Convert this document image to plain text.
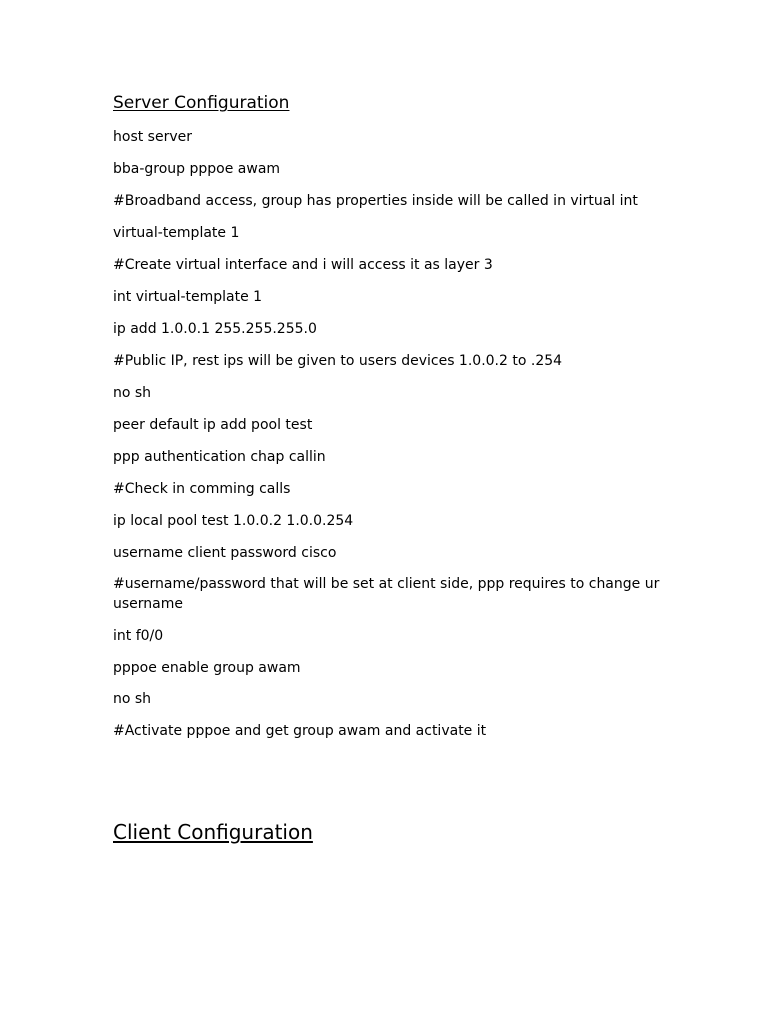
Server Configuration

host server

bba-group pppoe awam

#Broadband access, group has properties inside will be called in virtual int

virtual-template 1

#Create virtual interface and i will access it as layer 3

int virtual-template 1

ip add 1.0.0.1 255.255.255.0

#Public IP, rest ips will be given to users devices 1.0.0.2 to .254

no sh

peer default ip add pool test

ppp authentication chap callin

#Check in comming calls

ip local pool test 1.0.0.2 1.0.0.254

username client password cisco

#username/password that will be set at client side, ppp requires to change ur username

int f0/0

pppoe enable group awam

no sh

#Activate pppoe and get group awam and activate it

Client Configuration
